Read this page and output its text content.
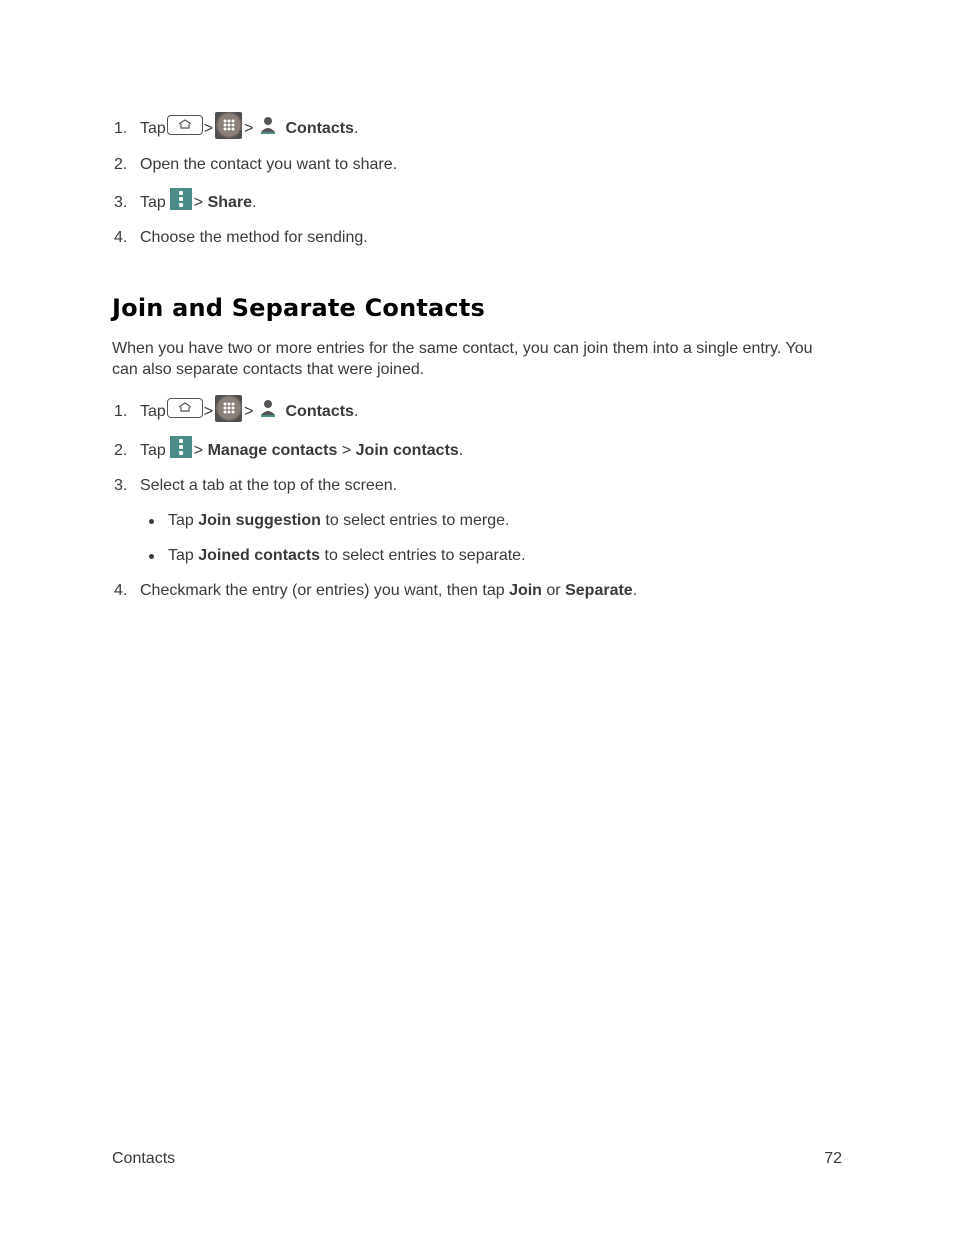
1. Tap > > Contacts .
2. Open the contact you want to share.
3. Tap >
Share .
4. Choose the method for sending.
Join and Separate Contacts
When you have two or more entries for the same contact, you can join them into a single entry. You can also separate contacts that were joined.
1. Tap > > Contacts .
2. Tap >
Manage contacts
>
Join contacts .
3. Select a tab at the top of the screen.
Tap Join suggestion to select entries to merge.
Tap Joined contacts to select entries to separate.
4. Checkmark the entry (or entries) you want, then tap
Join
or
Separate .
Contacts	72
